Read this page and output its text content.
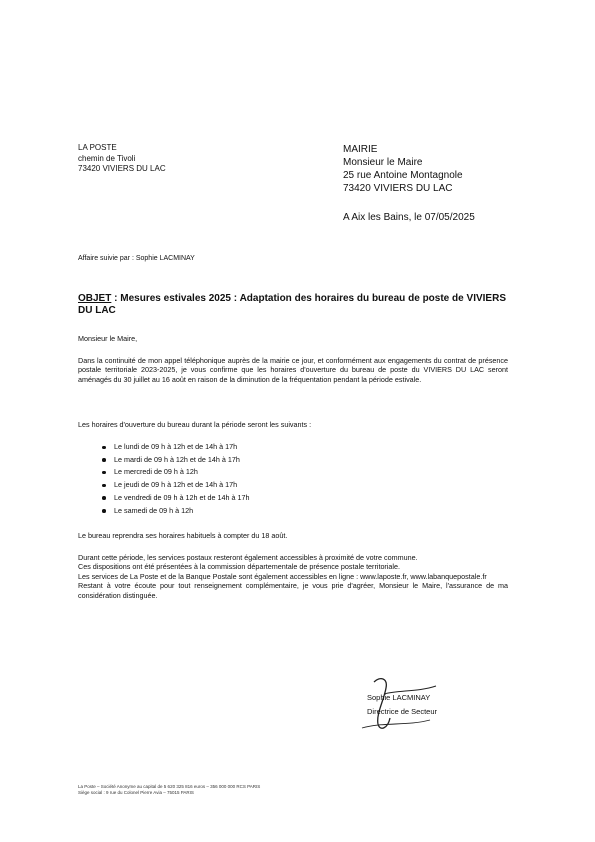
LA POSTE
chemin de Tivoli
73420 VIVIERS DU LAC
MAIRIE
Monsieur le Maire
25 rue Antoine Montagnole
73420 VIVIERS DU LAC
A Aix les Bains, le 07/05/2025
Affaire suivie par : Sophie LACMINAY
OBJET : Mesures estivales 2025 : Adaptation des horaires du bureau de poste de VIVIERS DU LAC
Monsieur le Maire,
Dans la continuité de mon appel téléphonique auprès de la mairie ce jour, et conformément aux engagements du contrat de présence postale territoriale 2023-2025, je vous confirme que les horaires d'ouverture du bureau de poste du VIVIERS DU LAC seront aménagés du 30 juillet au 16 août en raison de la diminution de la fréquentation pendant la période estivale.
Les horaires d'ouverture du bureau durant la période seront les suivants :
Le lundi de 09 h à 12h et de 14h à 17h
Le mardi de 09 h à 12h et de 14h à 17h
Le mercredi de 09 h à 12h
Le jeudi de 09 h à 12h et de 14h à 17h
Le vendredi de 09 h à 12h et de 14h à 17h
Le samedi de 09 h à 12h
Le bureau reprendra ses horaires habituels à compter du 18 août.
Durant cette période, les services postaux resteront également accessibles à proximité de votre commune.
Ces dispositions ont été présentées à la commission départementale de présence postale territoriale.
Les services de La Poste et de la Banque Postale sont également accessibles en ligne : www.laposte.fr, www.labanquepostale.fr
Restant à votre écoute pour tout renseignement complémentaire, je vous prie d'agréer, Monsieur le Maire, l'assurance de ma considération distinguée.
Sophie LACMINAY
Directrice de Secteur
La Poste – Société Anonyme au capital de 5 620 325 816 euros – 356 000 000 RCS PARIS
Siège social : 9 rue du Colonel Pierre Avia – 75015 PARIS
